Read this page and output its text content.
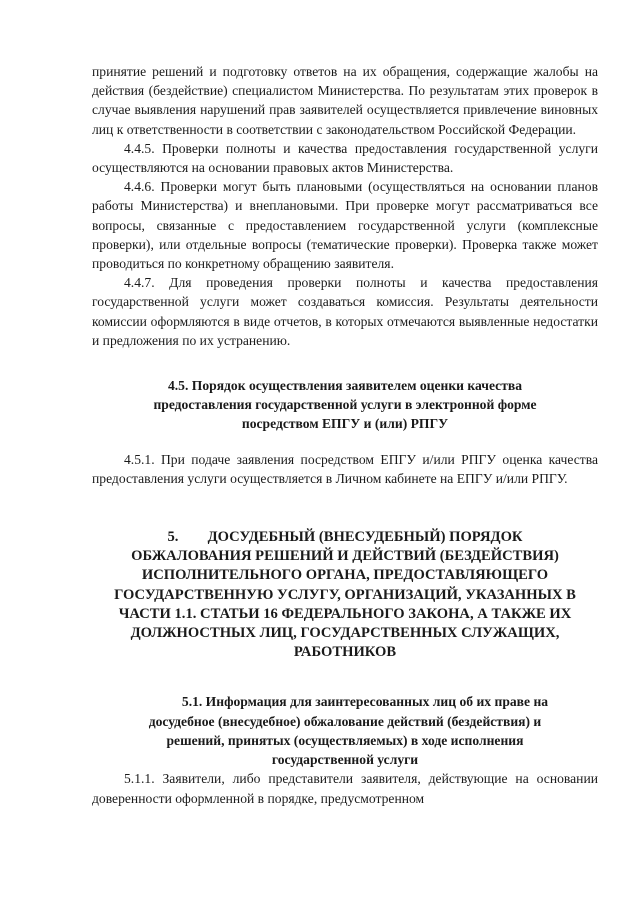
принятие решений и подготовку ответов на их обращения, содержащие жалобы на действия (бездействие) специалистом Министерства. По результатам этих проверок в случае выявления нарушений прав заявителей осуществляется привлечение виновных лиц к ответственности в соответствии с законодательством Российской Федерации.

4.4.5. Проверки полноты и качества предоставления государственной услуги осуществляются на основании правовых актов Министерства.

4.4.6. Проверки могут быть плановыми (осуществляться на основании планов работы Министерства) и внеплановыми. При проверке могут рассматриваться все вопросы, связанные с предоставлением государственной услуги (комплексные проверки), или отдельные вопросы (тематические проверки). Проверка также может проводиться по конкретному обращению заявителя.

4.4.7. Для проведения проверки полноты и качества предоставления государственной услуги может создаваться комиссия. Результаты деятельности комиссии оформляются в виде отчетов, в которых отмечаются выявленные недостатки и предложения по их устранению.

4.5. Порядок осуществления заявителем оценки качества
предоставления государственной услуги в электронной форме
посредством ЕПГУ и (или) РПГУ

4.5.1. При подаче заявления посредством ЕПГУ и/или РПГУ оценка качества предоставления услуги осуществляется в Личном кабинете на ЕПГУ и/или РПГУ.

5.        ДОСУДЕБНЫЙ (ВНЕСУДЕБНЫЙ) ПОРЯДОК
ОБЖАЛОВАНИЯ РЕШЕНИЙ И ДЕЙСТВИЙ (БЕЗДЕЙСТВИЯ)
ИСПОЛНИТЕЛЬНОГО ОРГАНА, ПРЕДОСТАВЛЯЮЩЕГО
ГОСУДАРСТВЕННУЮ УСЛУГУ, ОРГАНИЗАЦИЙ, УКАЗАННЫХ В
ЧАСТИ 1.1. СТАТЬИ 16 ФЕДЕРАЛЬНОГО ЗАКОНА, А ТАКЖЕ ИХ
ДОЛЖНОСТНЫХ ЛИЦ, ГОСУДАРСТВЕННЫХ СЛУЖАЩИХ,
РАБОТНИКОВ
5.1. Информация для заинтересованных лиц об их праве на
досудебное (внесудебное) обжалование действий (бездействия) и
решений, принятых (осуществляемых) в ходе исполнения
государственной услуги

5.1.1. Заявители, либо представители заявителя, действующие на основании доверенности оформленной в порядке, предусмотренном
